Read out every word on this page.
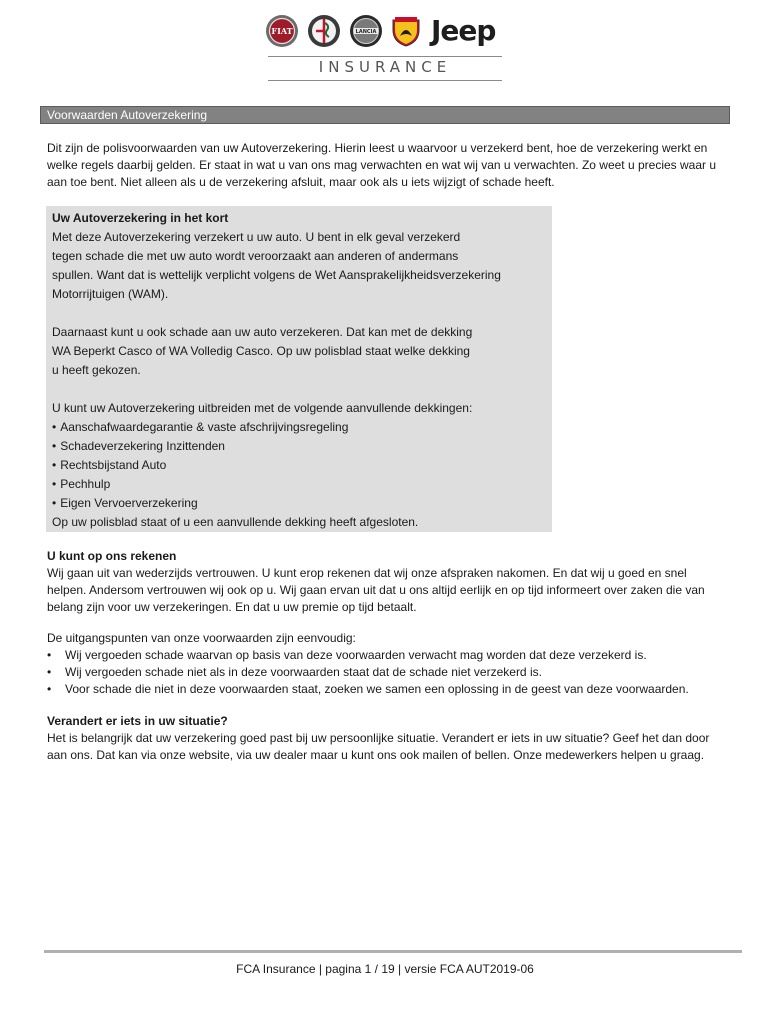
FIAT	LANCIA Jeep
INSURANCE
Voorwaarden Autoverzekering

Dit zijn de polisvoorwaarden van uw Autoverzekering. Hierin leest u waarvoor u verzekerd bent, hoe de verzekering werkt en welke regels daarbij gelden. Er staat in wat u van ons mag verwachten en wat wij van u verwachten. Zo weet u precies waar u aan toe bent. Niet alleen als u de verzekering afsluit, maar ook als u iets wijzigt of schade heeft.

Uw Autoverzekering in het kort

Met deze Autoverzekering verzekert u uw auto. U bent in elk geval verzekerd

tegen schade die met uw auto wordt veroorzaakt aan anderen of andermans

spullen. Want dat is wettelijk verplicht volgens de Wet Aansprakelijkheidsverzekering

Motorrijtuigen (WAM).

Daarnaast kunt u ook schade aan uw auto verzekeren. Dat kan met de dekking

WA Beperkt Casco of WA Volledig Casco. Op uw polisblad staat welke dekking

u heeft gekozen.

U kunt uw Autoverzekering uitbreiden met de volgende aanvullende dekkingen:

• Aanschafwaardegarantie & vaste afschrijvingsregeling
• Schadeverzekering Inzittenden
• Rechtsbijstand Auto
• Pechhulp
• Eigen Vervoerverzekering

Op uw polisblad staat of u een aanvullende dekking heeft afgesloten.

U kunt op ons rekenen

Wij gaan uit van wederzijds vertrouwen. U kunt erop rekenen dat wij onze afspraken nakomen. En dat wij u goed en snel helpen. Andersom vertrouwen wij ook op u. Wij gaan ervan uit dat u ons altijd eerlijk en op tijd informeert over zaken die van belang zijn voor uw verzekeringen. En dat u uw premie op tijd betaalt.

De uitgangspunten van onze voorwaarden zijn eenvoudig:

• Wij vergoeden schade waarvan op basis van deze voorwaarden verwacht mag worden dat deze verzekerd is.
• Wij vergoeden schade niet als in deze voorwaarden staat dat de schade niet verzekerd is.
• Voor schade die niet in deze voorwaarden staat, zoeken we samen een oplossing in de geest van deze voorwaarden.

Verandert er iets in uw situatie?

Het is belangrijk dat uw verzekering goed past bij uw persoonlijke situatie. Verandert er iets in uw situatie? Geef het dan door aan ons. Dat kan via onze website, via uw dealer maar u kunt ons ook mailen of bellen. Onze medewerkers helpen u graag.

FCA Insurance | pagina 1 / 19 | versie FCA AUT2019-06
